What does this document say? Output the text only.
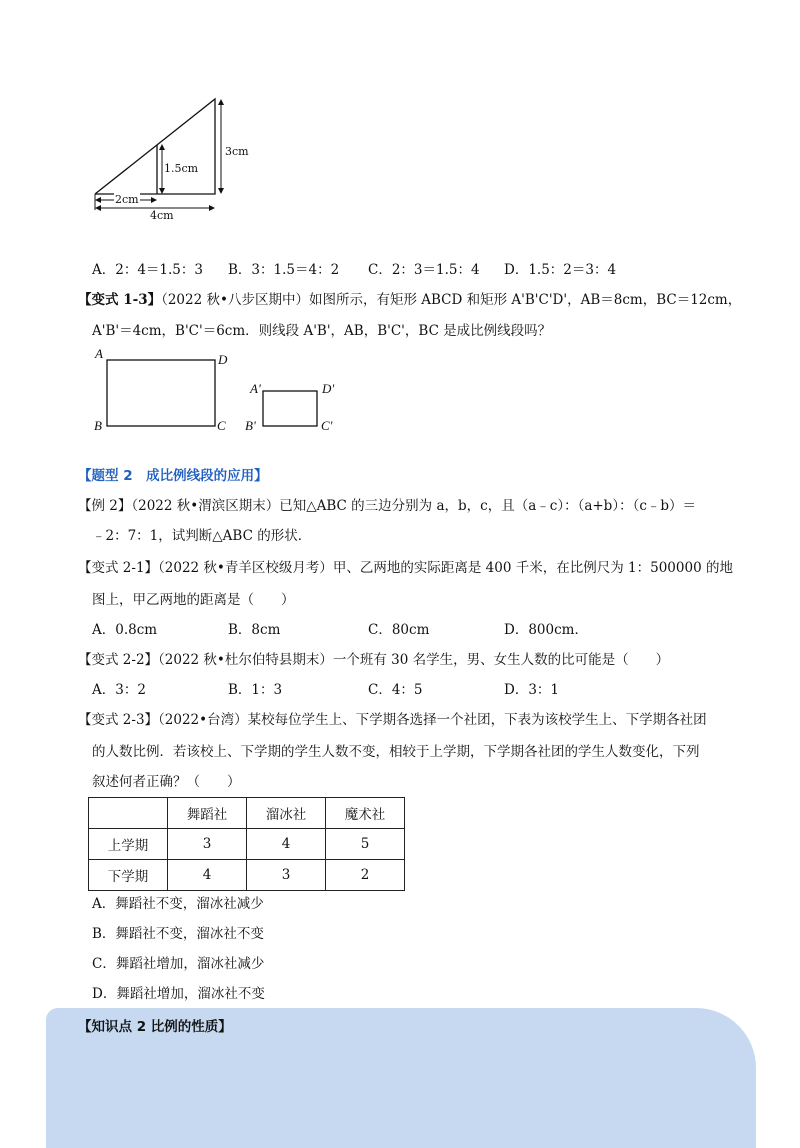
1.5cm
3cm
2cm
4cm
A．2：4＝1.5：3 B．3：1.5＝4：2 C．2：3＝1.5：4 D．1.5：2＝3：4
【变式 1-3】（2022 秋•八步区期中）如图所示，有矩形 ABCD 和矩形 A'B'C'D'，AB＝8cm，BC＝12cm，
A'B'＝4cm，B'C'＝6cm．则线段 A'B'，AB，B'C'，BC 是成比例线段吗？
A	D
B	C
A'	D'
B'	C'
【题型 2　成比例线段的应用】
【例 2】（2022 秋•渭滨区期末）已知△ABC 的三边分别为 a，b，c，且（a﹣c）：（a+b）：（c﹣b）＝
﹣2：7：1，试判断△ABC 的形状．
【变式 2-1】（2022 秋•青羊区校级月考）甲、乙两地的实际距离是 400 千米，在比例尺为 1：500000 的地
图上，甲乙两地的距离是（　　）
A．0.8cm	B．8cm	C．80cm	D．800cm．
【变式 2-2】（2022 秋•杜尔伯特县期末）一个班有 30 名学生，男、女生人数的比可能是（　　）
A．3：2	B．1：3	C．4：5	D．3：1
【变式 2-3】（2022•台湾）某校每位学生上、下学期各选择一个社团，下表为该校学生上、下学期各社团
的人数比例．若该校上、下学期的学生人数不变，相较于上学期，下学期各社团的学生人数变化，下列
叙述何者正确？（　　）
	舞蹈社	溜冰社	魔术社
上学期	3	4	5
下学期	4	3	2
A．舞蹈社不变，溜冰社减少
B．舞蹈社不变，溜冰社不变
C．舞蹈社增加，溜冰社减少
D．舞蹈社增加，溜冰社不变
【知识点 2 比例的性质】
